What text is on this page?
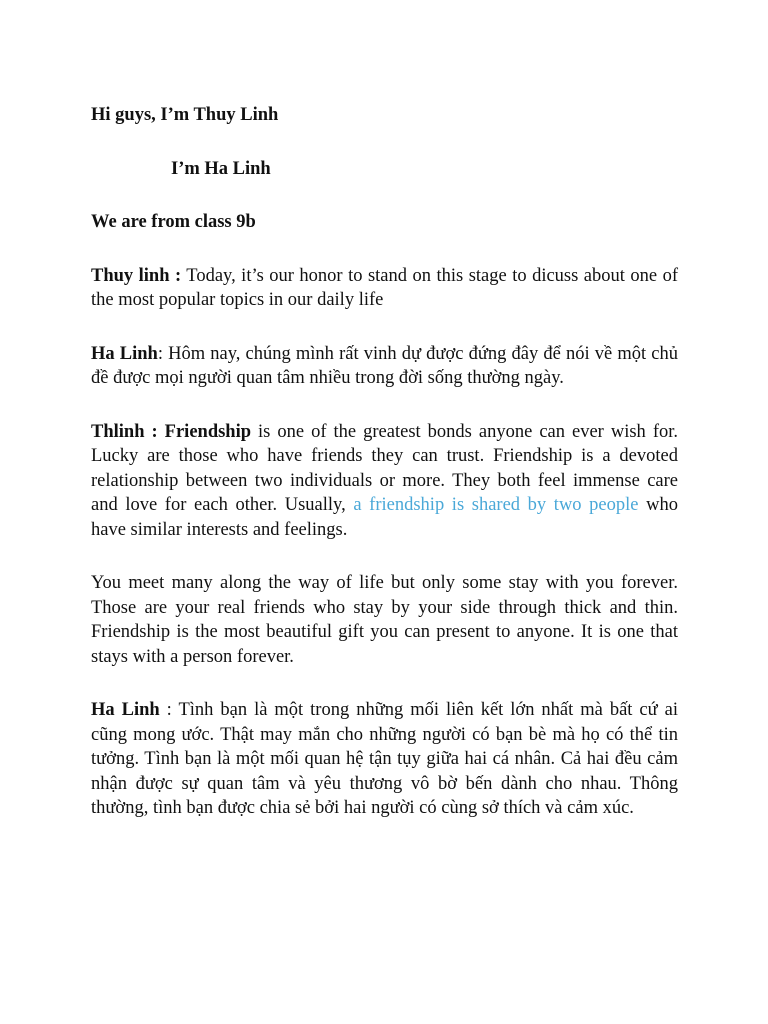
Hi guys, I’m Thuy Linh

I’m Ha Linh

We are from class 9b

Thuy linh : Today, it’s our honor to stand on this stage to dicuss about one of the most popular topics in our daily life

Ha Linh: Hôm nay, chúng mình rất vinh dự được đứng đây để nói về một chủ đề được mọi người quan tâm nhiều trong đời sống thường ngày.

Thlinh : Friendship is one of the greatest bonds anyone can ever wish for. Lucky are those who have friends they can trust. Friendship is a devoted relationship between two individuals or more. They both feel immense care and love for each other. Usually, a friendship is shared by two people who have similar interests and feelings.

You meet many along the way of life but only some stay with you forever. Those are your real friends who stay by your side through thick and thin. Friendship is the most beautiful gift you can present to anyone. It is one that stays with a person forever.

Ha Linh : Tình bạn là một trong những mối liên kết lớn nhất mà bất cứ ai cũng mong ước. Thật may mắn cho những người có bạn bè mà họ có thể tin tưởng. Tình bạn là một mối quan hệ tận tụy giữa hai cá nhân. Cả hai đều cảm nhận được sự quan tâm và yêu thương vô bờ bến dành cho nhau. Thông thường, tình bạn được chia sẻ bởi hai người có cùng sở thích và cảm xúc.
